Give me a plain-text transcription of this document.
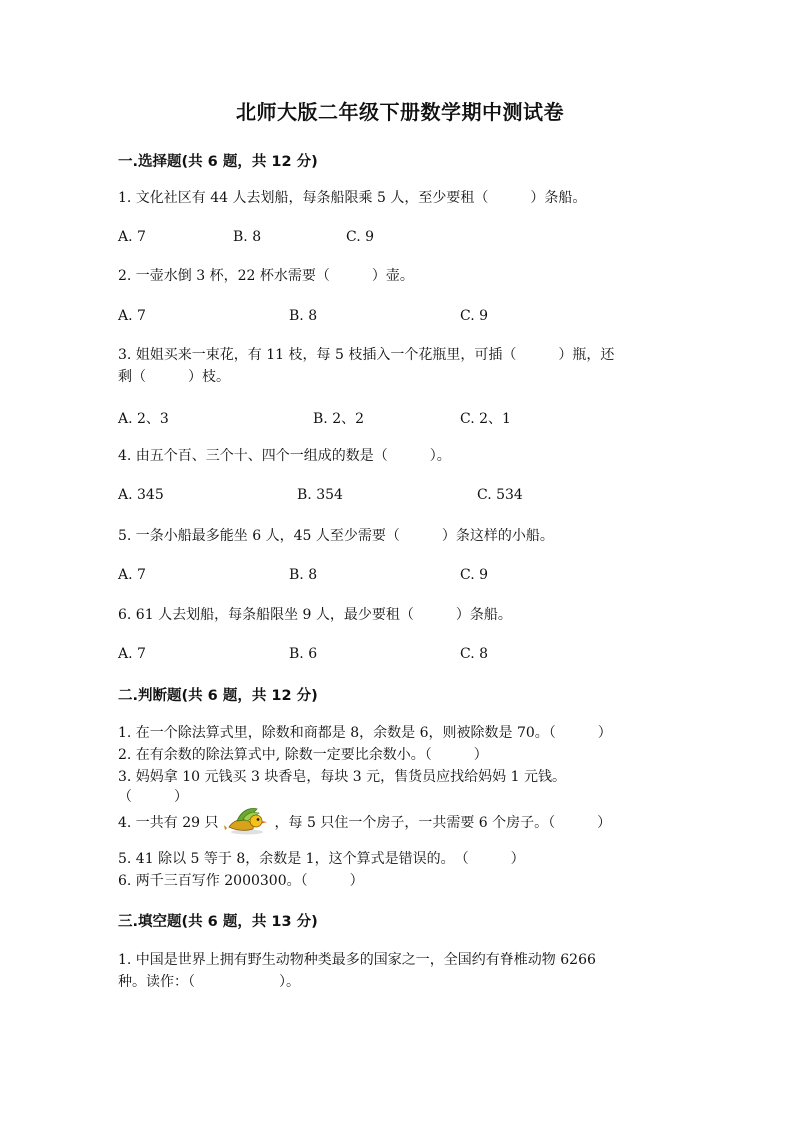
北师大版二年级下册数学期中测试卷
一.选择题(共 6 题，共 12 分)
1. 文化社区有 44 人去划船，每条船限乘 5 人，至少要租（　　　）条船。
A. 7	B. 8	C. 9
2. 一壶水倒 3 杯，22 杯水需要（　　　）壶。
A. 7	B. 8	C. 9
3. 姐姐买来一束花，有 11 枝，每 5 枝插入一个花瓶里，可插（　　　）瓶，还
剩（　　　）枝。
A. 2、3	B. 2、2	C. 2、1
4. 由五个百、三个十、四个一组成的数是（　　　）。
A. 345	B. 354	C. 534
5. 一条小船最多能坐 6 人，45 人至少需要（　　　）条这样的小船。
A. 7	B. 8	C. 9
6. 61 人去划船，每条船限坐 9 人，最少要租（　　　）条船。
A. 7	B. 6	C. 8
二.判断题(共 6 题，共 12 分)
1. 在一个除法算式里，除数和商都是 8，余数是 6，则被除数是 70。（　　　）
2. 在有余数的除法算式中, 除数一定要比余数小。（　　　）
3. 妈妈拿 10 元钱买 3 块香皂，每块 3 元，售货员应找给妈妈 1 元钱。
（　　　）
4. 一共有 29 只	，每 5 只住一个房子，一共需要 6 个房子。（　　　）
5. 41 除以 5 等于 8，余数是 1，这个算式是错误的。　（　　　）
6. 两千三百写作 2000300。（　　　）
三.填空题(共 6 题，共 13 分)
1. 中国是世界上拥有野生动物种类最多的国家之一，全国约有脊椎动物 6266
种。读作：（　　　　　　）。
